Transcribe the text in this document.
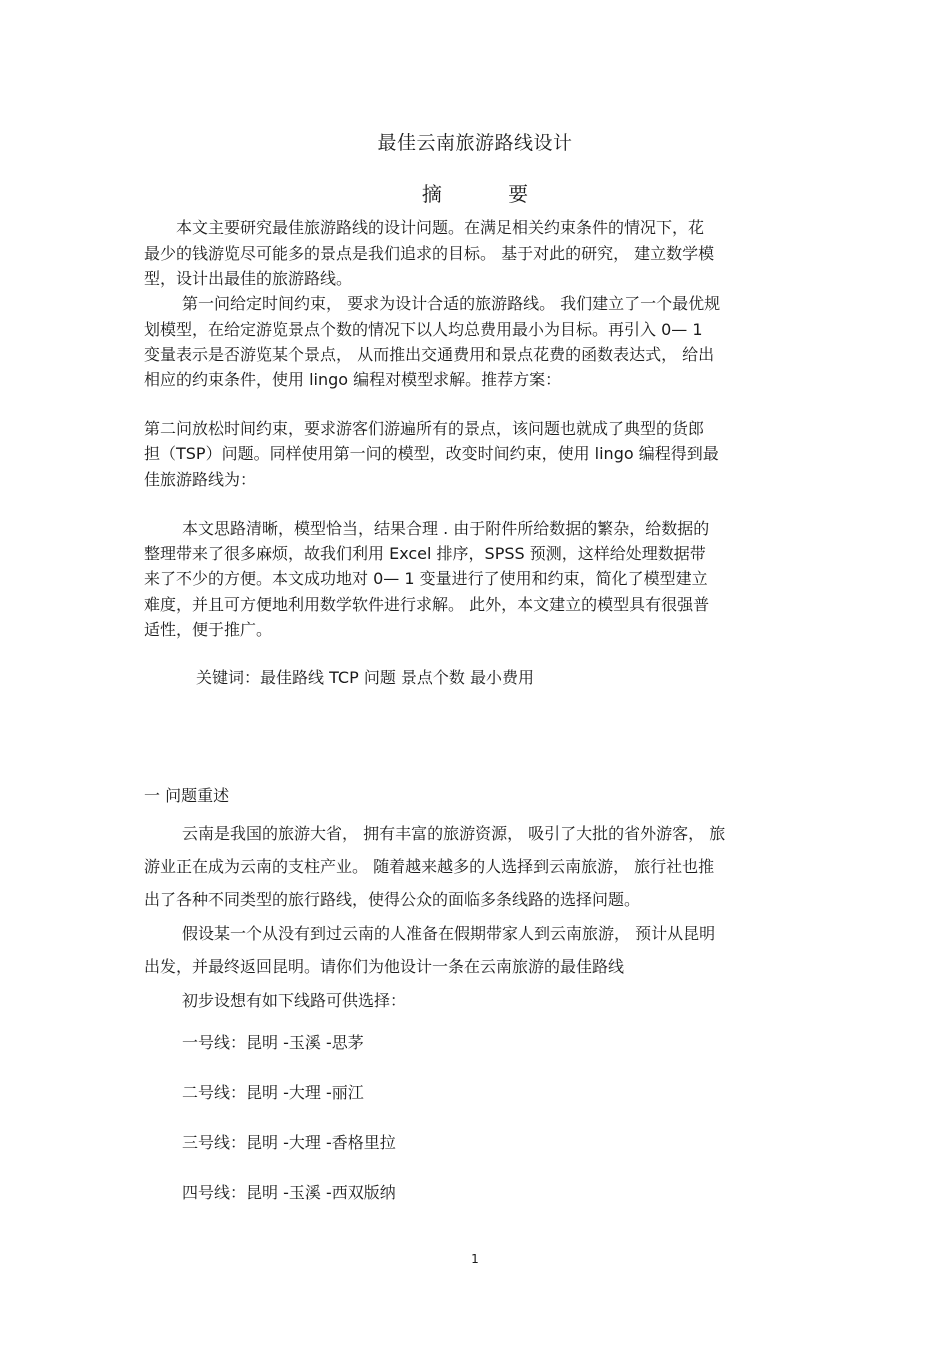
最佳云南旅游路线设计

摘 要

本文主要研究最佳旅游路线的设计问题。在满足相关约束条件的情况下，花

最少的钱游览尽可能多的景点是我们追求的目标。 基于对此的研究， 建立数学模

型，设计出最佳的旅游路线。

第一问给定时间约束， 要求为设计合适的旅游路线。 我们建立了一个最优规

划模型，在给定游览景点个数的情况下以人均总费用最小为目标。再引入 0— 1

变量表示是否游览某个景点， 从而推出交通费用和景点花费的函数表达式， 给出

相应的约束条件，使用 lingo 编程对模型求解。推荐方案：

第二问放松时间约束，要求游客们游遍所有的景点，该问题也就成了典型的货郎

担（TSP）问题。同样使用第一问的模型，改变时间约束，使用 lingo 编程得到最

佳旅游路线为：

本文思路清晰，模型恰当，结果合理 . 由于附件所给数据的繁杂，给数据的

整理带来了很多麻烦，故我们利用 Excel 排序，SPSS 预测，这样给处理数据带

来了不少的方便。本文成功地对 0— 1 变量进行了使用和约束，简化了模型建立

难度，并且可方便地利用数学软件进行求解。 此外，本文建立的模型具有很强普

适性，便于推广。

关键词：最佳路线 TCP 问题 景点个数 最小费用

一 问题重述

云南是我国的旅游大省， 拥有丰富的旅游资源， 吸引了大批的省外游客， 旅

游业正在成为云南的支柱产业。 随着越来越多的人选择到云南旅游， 旅行社也推

出了各种不同类型的旅行路线，使得公众的面临多条线路的选择问题。

假设某一个从没有到过云南的人准备在假期带家人到云南旅游， 预计从昆明

出发，并最终返回昆明。请你们为他设计一条在云南旅游的最佳路线

初步设想有如下线路可供选择：

一号线：昆明 -玉溪 -思茅

二号线：昆明 -大理 -丽江

三号线：昆明 -大理 -香格里拉

四号线：昆明 -玉溪 -西双版纳

1
